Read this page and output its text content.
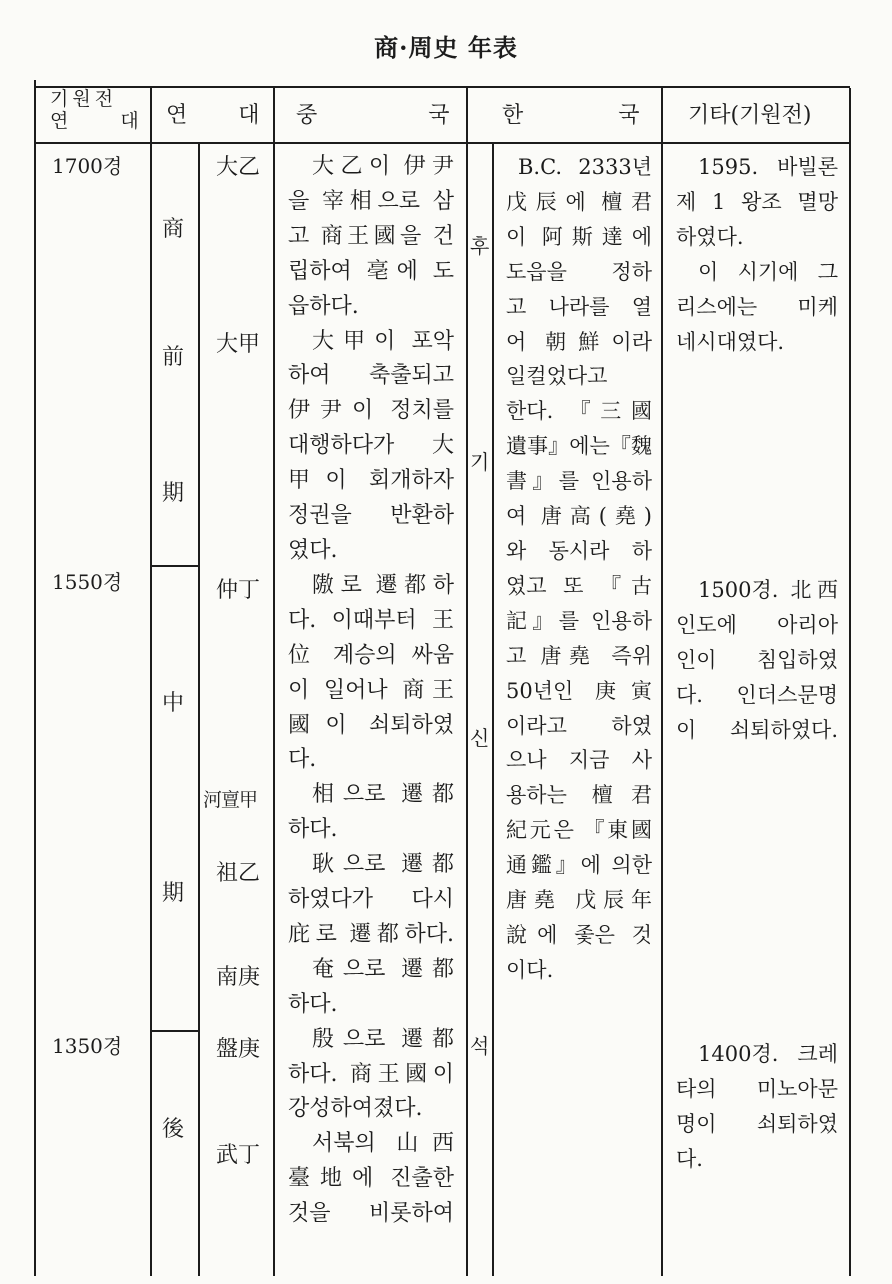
商·周史 年表
기원전
연 대 연 대 중 국 한 국 기타(기원전)
1700경
1550경
1350경
商
前
期
中
期
後
大乙
大甲
仲丁
河亶甲
祖乙
南庚
盤庚
武丁
후
기
신
석
大乙이 伊尹
을 宰相으로 삼
고 商王國을 건
립하여 亳에 도
읍하다.
大甲이 포악
하여 축출되고
伊尹이 정치를
대행하다가 大
甲이 회개하자
정권을 반환하
였다.
隞로 遷都하
다. 이때부터 王
位 계승의 싸움
이 일어나 商王
國이 쇠퇴하였
다.
相으로 遷都
하다.
耿으로 遷都
하였다가 다시
庇로 遷都하다.
奄으로 遷都
하다.
殷으로 遷都
하다. 商王國이
강성하여졌다.
서북의 山西
臺地에 진출한
것을 비롯하여
B.C. 2333년
戊辰에 檀君
이 阿斯達에
도읍을 정하
고 나라를 열
어 朝鮮이라
일컬었다고
한다. 『三國
遺事』에는『魏
書』를 인용하
여 唐高(堯)
와 동시라 하
였고 또 『古
記』를 인용하
고 唐堯 즉위
50년인 庚寅
이라고 하였
으나 지금 사
용하는 檀君
紀元은 『東國
通鑑』에 의한
唐堯 戊辰年
說에 좇은 것
이다.
1595. 바빌론
제 1 왕조 멸망
하였다.
이 시기에 그
리스에는 미케
네시대였다.
1500경. 北西
인도에 아리아
인이 침입하였
다. 인더스문명
이 쇠퇴하였다.
1400경. 크레
타의 미노아문
명이 쇠퇴하였
다.
